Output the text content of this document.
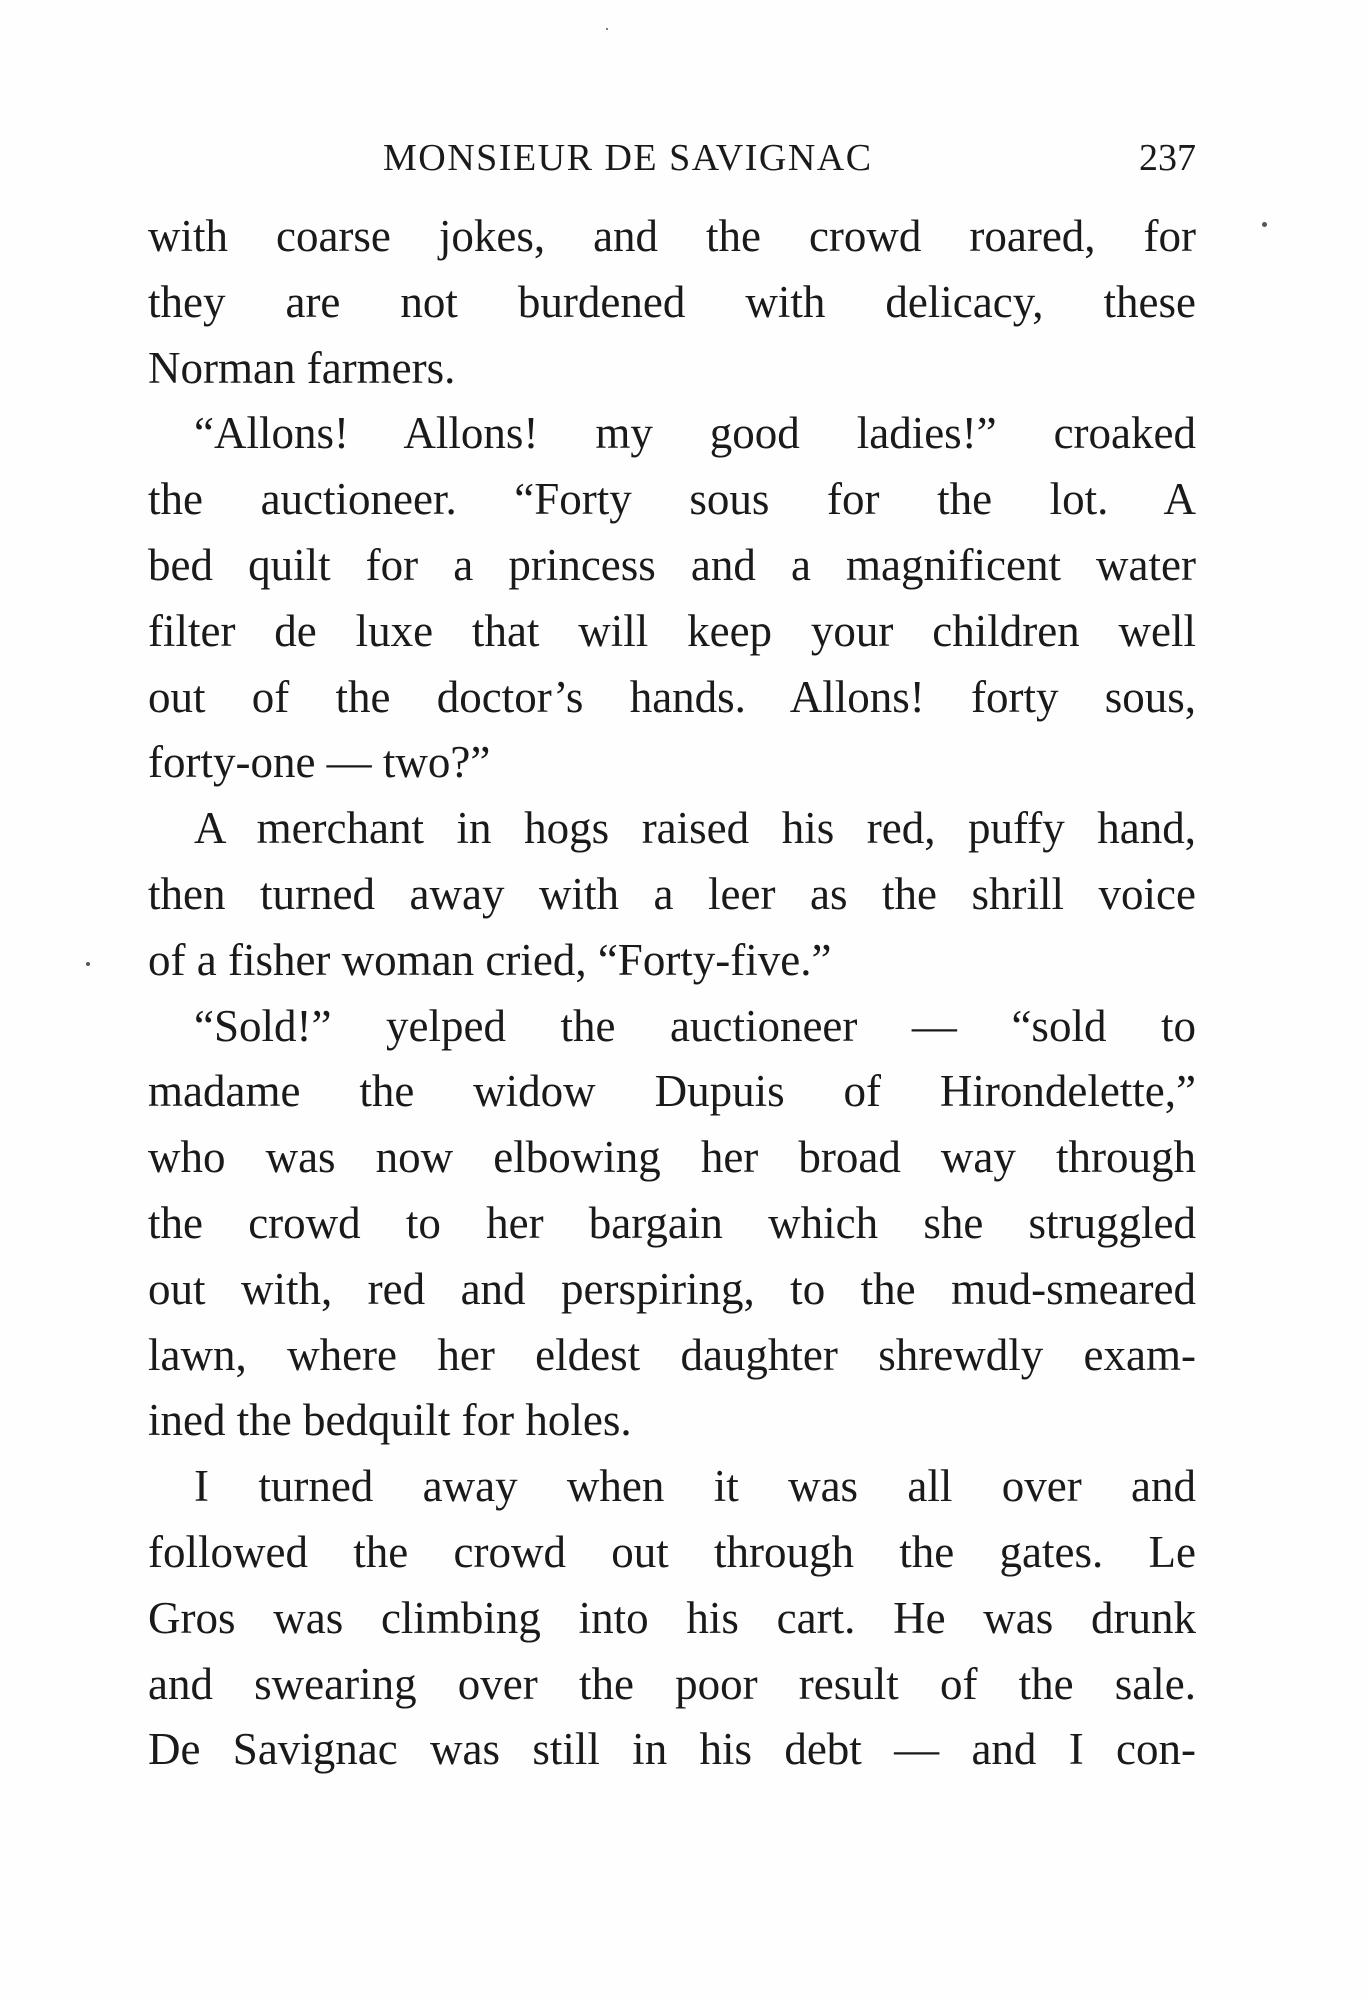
MONSIEUR DE SAVIGNAC	237
with coarse jokes, and the crowd roared, for
they are not burdened with delicacy, these
Norman farmers.
“Allons! Allons! my good ladies!” croaked
the auctioneer. “Forty sous for the lot. A
bed quilt for a princess and a magnificent water
filter de luxe that will keep your children well
out of the doctor’s hands. Allons! forty sous,
forty-one — two?”
A merchant in hogs raised his red, puffy hand,
then turned away with a leer as the shrill voice
of a fisher woman cried, “Forty-five.”
“Sold!” yelped the auctioneer — “sold to
madame the widow Dupuis of Hirondelette,”
who was now elbowing her broad way through
the crowd to her bargain which she struggled
out with, red and perspiring, to the mud-smeared
lawn, where her eldest daughter shrewdly exam-
ined the bedquilt for holes.
I turned away when it was all over and
followed the crowd out through the gates. Le
Gros was climbing into his cart. He was drunk
and swearing over the poor result of the sale.
De Savignac was still in his debt — and I con-
